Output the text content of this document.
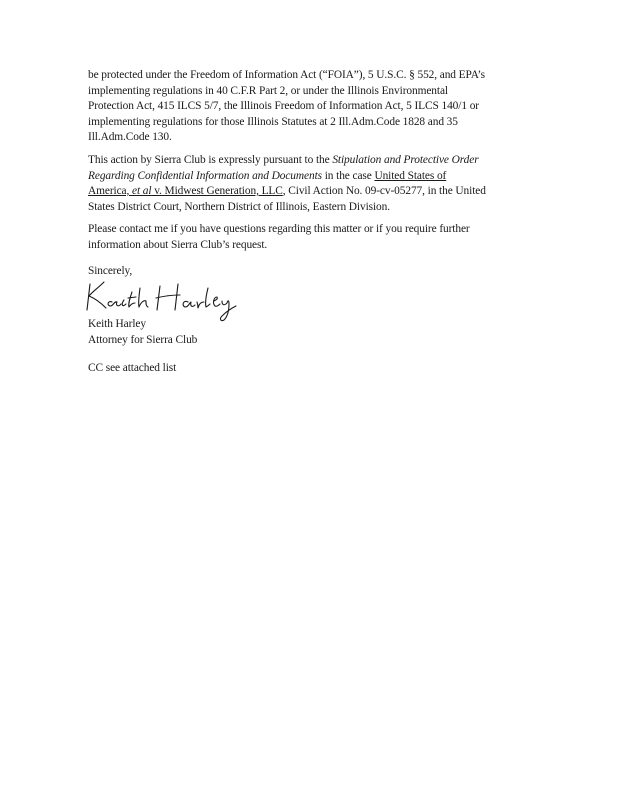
be protected under the Freedom of Information Act (“FOIA”), 5 U.S.C. § 552, and EPA’s
implementing regulations in 40 C.F.R Part 2, or under the Illinois Environmental
Protection Act, 415 ILCS 5/7, the Illinois Freedom of Information Act, 5 ILCS 140/1 or
implementing regulations for those Illinois Statutes at 2 Ill.Adm.Code 1828 and 35
Ill.Adm.Code 130.
This action by Sierra Club is expressly pursuant to the Stipulation and Protective Order
Regarding Confidential Information and Documents in the case United States of
America, et al v. Midwest Generation, LLC, Civil Action No. 09-cv-05277, in the United
States District Court, Northern District of Illinois, Eastern Division.
Please contact me if you have questions regarding this matter or if you require further
information about Sierra Club’s request.
Sincerely,
Keith Harley
Attorney for Sierra Club
CC see attached list
